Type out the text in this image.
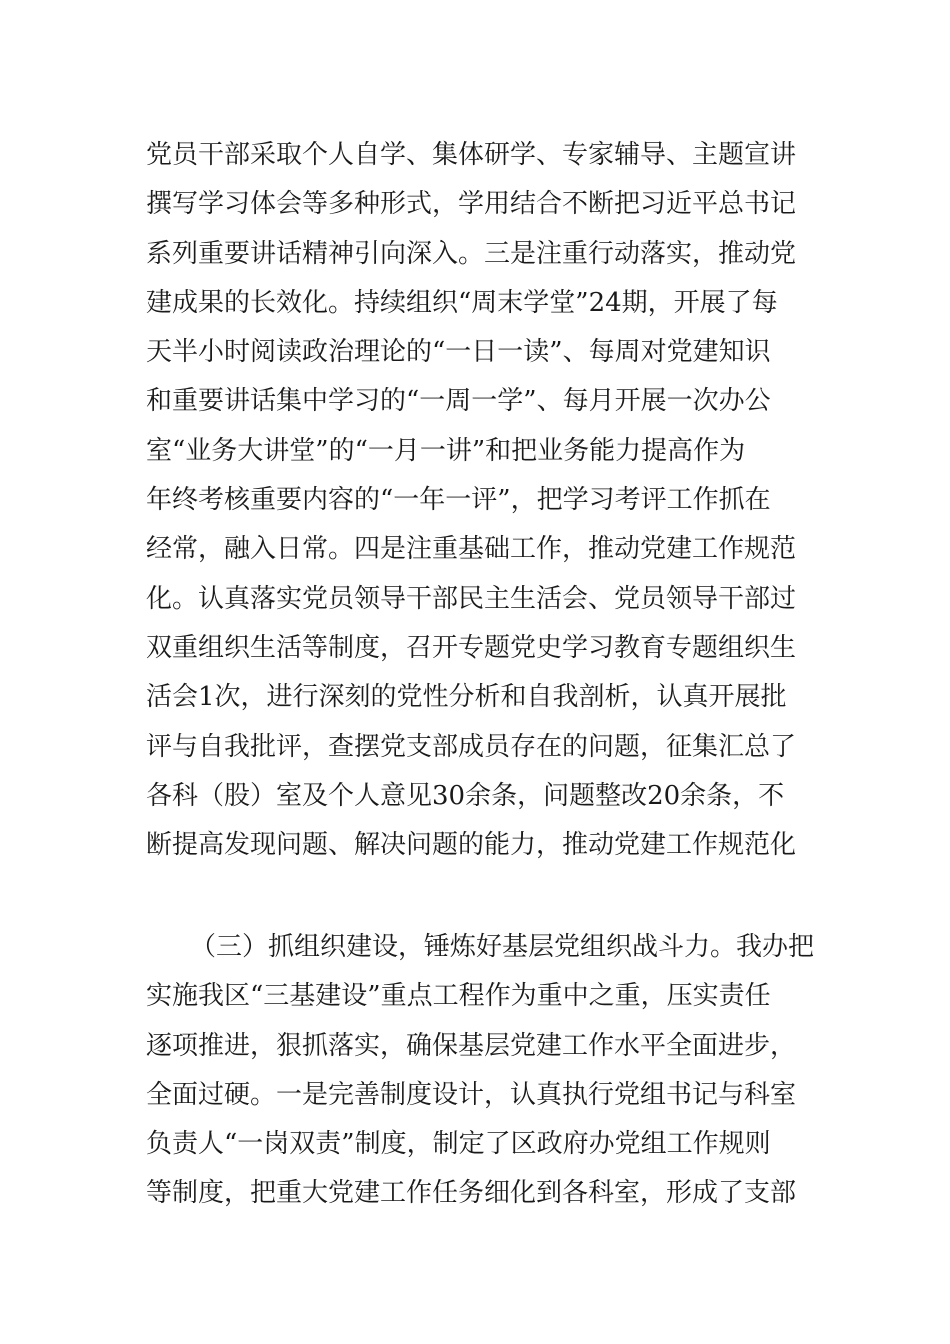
党员干部采取个人自学、集体研学、专家辅导、主题宣讲
撰写学习体会等多种形式，学用结合不断把习近平总书记
系列重要讲话精神引向深入。三是注重行动落实，推动党
建成果的长效化。持续组织“周末学堂”24期，开展了每
天半小时阅读政治理论的“一日一读”、每周对党建知识
和重要讲话集中学习的“一周一学”、每月开展一次办公
室“业务大讲堂”的“一月一讲”和把业务能力提高作为
年终考核重要内容的“一年一评”，把学习考评工作抓在
经常，融入日常。四是注重基础工作，推动党建工作规范
化。认真落实党员领导干部民主生活会、党员领导干部过
双重组织生活等制度，召开专题党史学习教育专题组织生
活会1次，进行深刻的党性分析和自我剖析，认真开展批
评与自我批评，查摆党支部成员存在的问题，征集汇总了
各科（股）室及个人意见30余条，问题整改20余条，不
断提高发现问题、解决问题的能力，推动党建工作规范化
（三）抓组织建设，锤炼好基层党组织战斗力。我办把
实施我区“三基建设”重点工程作为重中之重，压实责任
逐项推进，狠抓落实，确保基层党建工作水平全面进步，
全面过硬。一是完善制度设计，认真执行党组书记与科室
负责人“一岗双责”制度，制定了区政府办党组工作规则
等制度，把重大党建工作任务细化到各科室，形成了支部
